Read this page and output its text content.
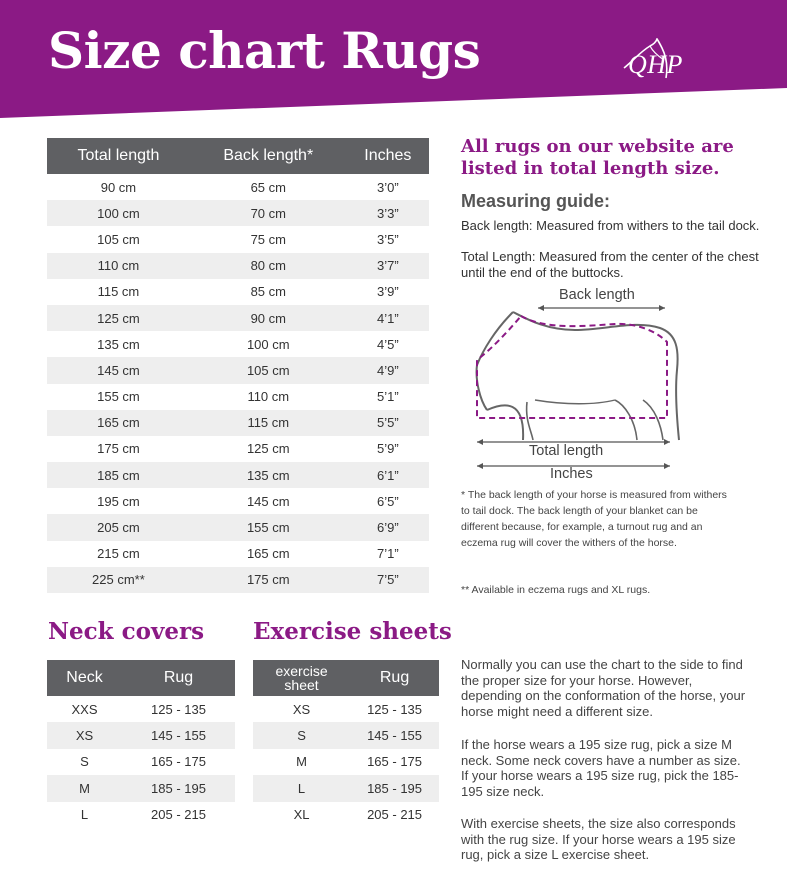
Size chart Rugs	QHP
Total length	Back length*	Inches
90 cm	65 cm	3’0”
100 cm	70 cm	3’3”
105 cm	75 cm	3’5”
110 cm	80 cm	3’7”
115 cm	85 cm	3’9”
125 cm	90 cm	4’1”
135 cm	100 cm	4’5”
145 cm	105 cm	4’9”
155 cm	110 cm	5’1”
165 cm	115 cm	5’5”
175 cm	125 cm	5’9”
185 cm	135 cm	6’1”
195 cm	145 cm	6’5”
205 cm	155 cm	6’9”
215 cm	165 cm	7’1”
225 cm**	175 cm	7’5”
All rugs on our website are listed in total length size.
Measuring guide:

Back length: Measured from withers to the tail dock.

Total Length: Measured from the center of the chest until the end of the buttocks.

Back length
Total length
Inches

* The back length of your horse is measured from withers to tail dock. The back length of your blanket can be different because, for example, a turnout rug and an eczema rug will cover the withers of the horse.

** Available in eczema rugs and XL rugs.

Neck covers
Neck	Rug
XXS	125 - 135
XS	145 - 155
S	165 - 175
M	185 - 195
L	205 - 215
Exercise sheets
exercise sheet	Rug
XS	125 - 135
S	145 - 155
M	165 - 175
L	185 - 195
XL	205 - 215

Normally you can use the chart to the side to find the proper size for your horse. However, depending on the conformation of the horse, your horse might need a different size.

If the horse wears a 195 size rug, pick a size M neck. Some neck covers have a number as size. If your horse wears a 195 size rug, pick the 185-195 size neck.

With exercise sheets, the size also corresponds with the rug size. If your horse wears a 195 size rug, pick a size L exercise sheet.
